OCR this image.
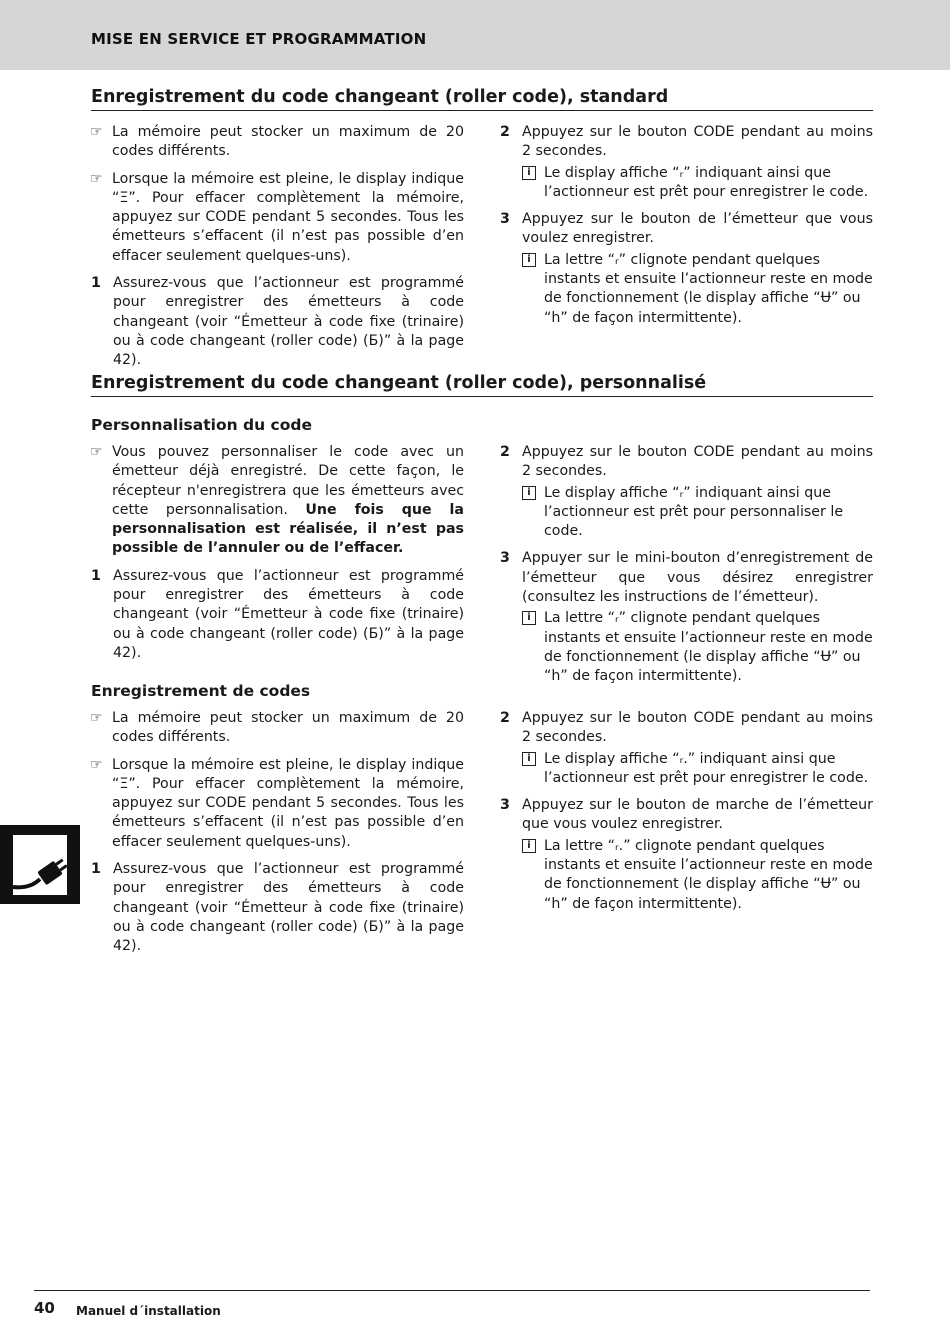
MISE EN SERVICE ET PROGRAMMATION
Enregistrement du code changeant (roller code), standard
☞ La mémoire peut stocker un maximum de 20 codes différents.
☞ Lorsque la mémoire est pleine, le display indique “Ξ”. Pour effacer complètement la mémoire, appuyez sur CODE pendant 5 secondes. Tous les émetteurs s’effacent (il n’est pas possible d’en effacer seulement quelques-uns).
1 Assurez-vous que l’actionneur est programmé pour enregistrer des émetteurs à code changeant (voir “Émetteur à code fixe (trinaire) ou à code changeant (roller code) (Б)” à la page 42).
2 Appuyez sur le bouton CODE pendant au moins 2 secondes.
i Le display affiche “ᵣ” indiquant ainsi que l’actionneur est prêt pour enregistrer le code.
3 Appuyez sur le bouton de l’émetteur que vous voulez enregistrer.
i La lettre “ᵣ” clignote pendant quelques instants et ensuite l’actionneur reste en mode de fonctionnement (le display affiche “Ʉ” ou “h” de façon intermittente).
Enregistrement du code changeant (roller code), personnalisé
Personnalisation du code
☞ Vous pouvez personnaliser le code avec un émetteur déjà enregistré. De cette façon, le récepteur n'enregistrera que les émetteurs avec cette personnalisation. Une fois que la personnalisation est réalisée, il n’est pas possible de l’annuler ou de l’effacer.
1 Assurez-vous que l’actionneur est programmé pour enregistrer des émetteurs à code changeant (voir “Émetteur à code fixe (trinaire) ou à code changeant (roller code) (Б)” à la page 42).
2 Appuyez sur le bouton CODE pendant au moins 2 secondes.
i Le display affiche “ᵣ” indiquant ainsi que l’actionneur est prêt pour personnaliser le code.
3 Appuyer sur le mini-bouton d’enregistrement de l’émetteur que vous désirez enregistrer (consultez les instructions de l’émetteur).
i La lettre “ᵣ” clignote pendant quelques instants et ensuite l’actionneur reste en mode de fonctionnement (le display affiche “Ʉ” ou “h” de façon intermittente).
Enregistrement de codes
☞ La mémoire peut stocker un maximum de 20 codes différents.
☞ Lorsque la mémoire est pleine, le display indique “Ξ”. Pour effacer complètement la mémoire, appuyez sur CODE pendant 5 secondes. Tous les émetteurs s’effacent (il n’est pas possible d’en effacer seulement quelques-uns).
1 Assurez-vous que l’actionneur est programmé pour enregistrer des émetteurs à code changeant (voir “Émetteur à code fixe (trinaire) ou à code changeant (roller code) (Б)” à la page 42).
2 Appuyez sur le bouton CODE pendant au moins 2 secondes.
i Le display affiche “ᵣ.” indiquant ainsi que l’actionneur est prêt pour enregistrer le code.
3 Appuyez sur le bouton de marche de l’émetteur que vous voulez enregistrer.
i La lettre “ᵣ.” clignote pendant quelques instants et ensuite l’actionneur reste en mode de fonctionnement (le display affiche “Ʉ” ou “h” de façon intermittente).
40 Manuel d´installation
